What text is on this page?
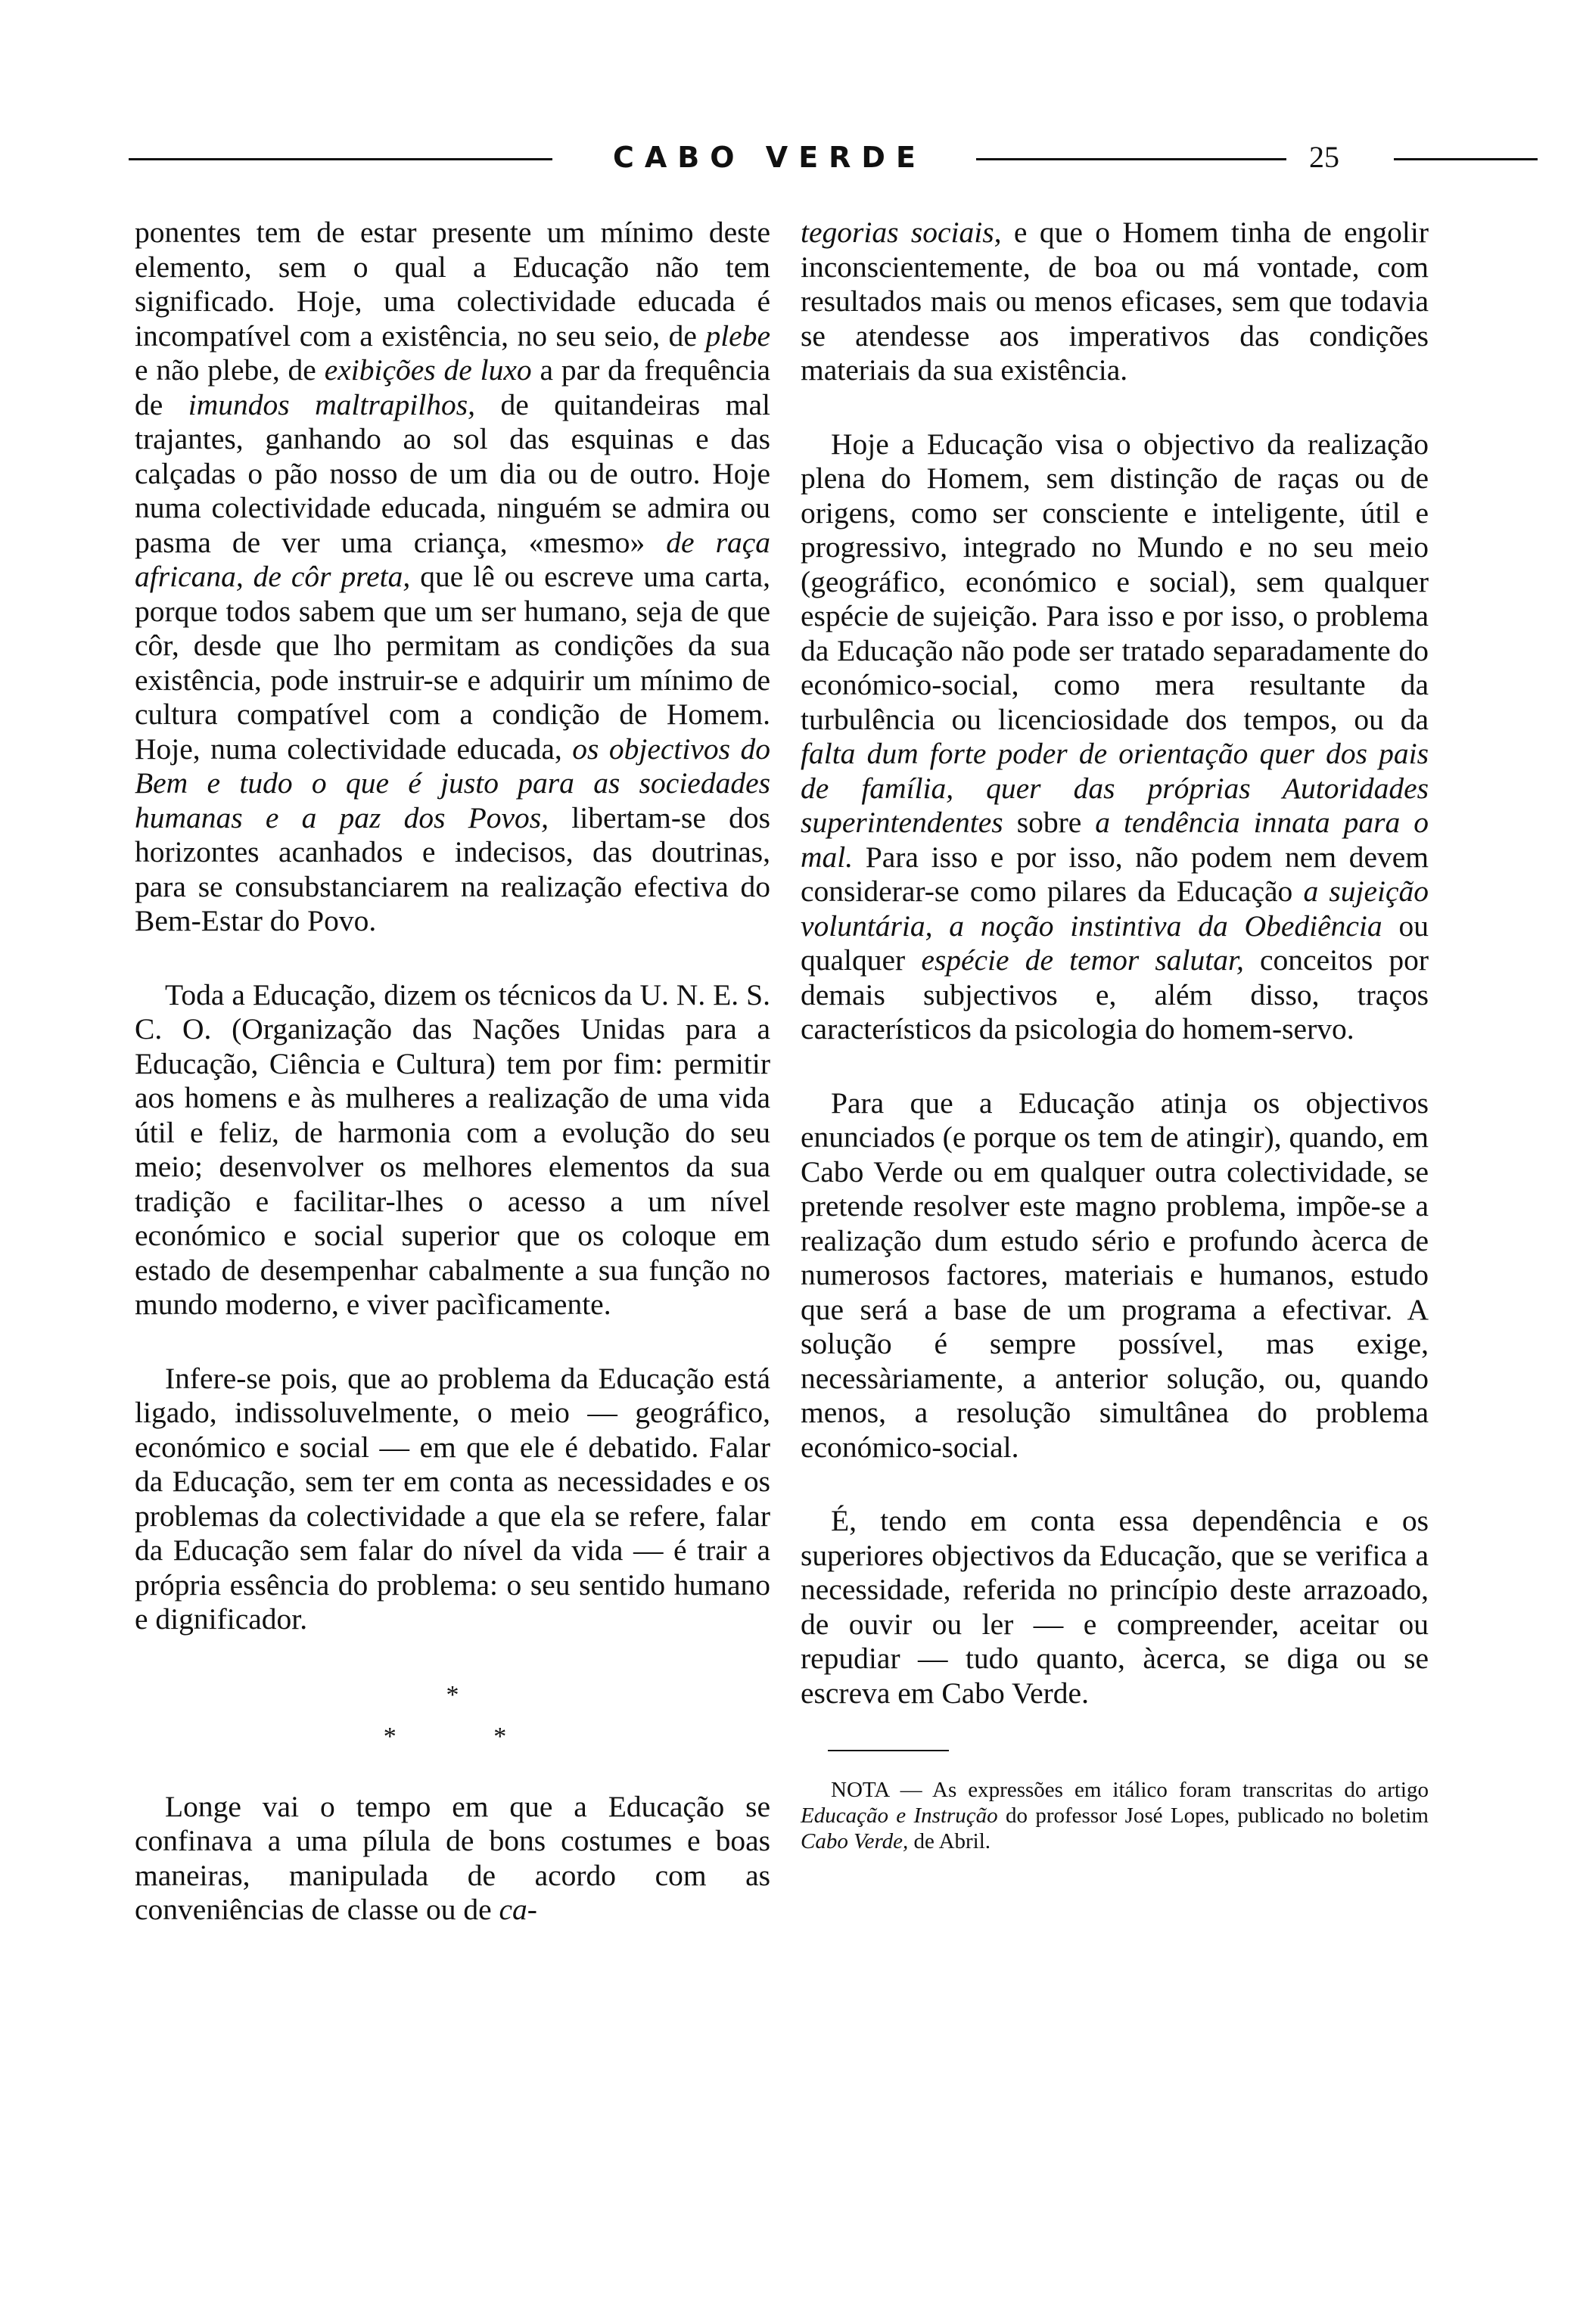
CABO VERDE	25

ponentes tem de estar presente um mínimo deste elemento, sem o qual a Educação não tem significado. Hoje, uma colectividade educada é incompatível com a existência, no seu seio, de plebe e não plebe, de exibições de luxo a par da frequência de imundos maltrapilhos, de quitandeiras mal trajantes, ganhando ao sol das esquinas e das calçadas o pão nosso de um dia ou de outro. Hoje numa colectividade educada, ninguém se admira ou pasma de ver uma criança, «mesmo» de raça africana, de côr preta, que lê ou escreve uma carta, porque todos sabem que um ser humano, seja de que côr, desde que lho permitam as condições da sua existência, pode instruir-se e adquirir um mínimo de cultura compatível com a condição de Homem. Hoje, numa colectividade educada, os objectivos do Bem e tudo o que é justo para as sociedades humanas e a paz dos Povos, libertam-se dos horizontes acanhados e indecisos, das doutrinas, para se consubstanciarem na realização efectiva do Bem-Estar do Povo.

Toda a Educação, dizem os técnicos da U. N. E. S. C. O. (Organização das Nações Unidas para a Educação, Ciência e Cultura) tem por fim: permitir aos homens e às mulheres a realização de uma vida útil e feliz, de harmonia com a evolução do seu meio; desenvolver os melhores elementos da sua tradição e facilitar-lhes o acesso a um nível económico e social superior que os coloque em estado de desempenhar cabalmente a sua função no mundo moderno, e viver pacìficamente.

Infere-se pois, que ao problema da Educação está ligado, indissoluvelmente, o meio — geográfico, económico e social — em que ele é debatido. Falar da Educação, sem ter em conta as necessidades e os problemas da colectividade a que ela se refere, falar da Educação sem falar do nível da vida — é trair a própria essência do problema: o seu sentido humano e dignificador.

*
* *

Longe vai o tempo em que a Educação se confinava a uma pílula de bons costumes e boas maneiras, manipulada de acordo com as conveniências de classe ou de ca-

tegorias sociais, e que o Homem tinha de engolir inconscientemente, de boa ou má vontade, com resultados mais ou menos eficases, sem que todavia se atendesse aos imperativos das condições materiais da sua existência.

Hoje a Educação visa o objectivo da realização plena do Homem, sem distinção de raças ou de origens, como ser consciente e inteligente, útil e progressivo, integrado no Mundo e no seu meio (geográfico, económico e social), sem qualquer espécie de sujeição. Para isso e por isso, o problema da Educação não pode ser tratado separadamente do económico-social, como mera resultante da turbulência ou licenciosidade dos tempos, ou da falta dum forte poder de orientação quer dos pais de família, quer das próprias Autoridades superintendentes sobre a tendência innata para o mal. Para isso e por isso, não podem nem devem considerar-se como pilares da Educação a sujeição voluntária, a noção instintiva da Obediência ou qualquer espécie de temor salutar, conceitos por demais subjectivos e, além disso, traços característicos da psicologia do homem-servo.

Para que a Educação atinja os objectivos enunciados (e porque os tem de atingir), quando, em Cabo Verde ou em qualquer outra colectividade, se pretende resolver este magno problema, impõe-se a realização dum estudo sério e profundo àcerca de numerosos factores, materiais e humanos, estudo que será a base de um programa a efectivar. A solução é sempre possível, mas exige, necessàriamente, a anterior solução, ou, quando menos, a resolução simultânea do problema económico-social.

É, tendo em conta essa dependência e os superiores objectivos da Educação, que se verifica a necessidade, referida no princípio deste arrazoado, de ouvir ou ler — e compreender, aceitar ou repudiar — tudo quanto, àcerca, se diga ou se escreva em Cabo Verde.

NOTA — As expressões em itálico foram transcritas do artigo Educação e Instrução do professor José Lopes, publicado no boletim Cabo Verde, de Abril.
